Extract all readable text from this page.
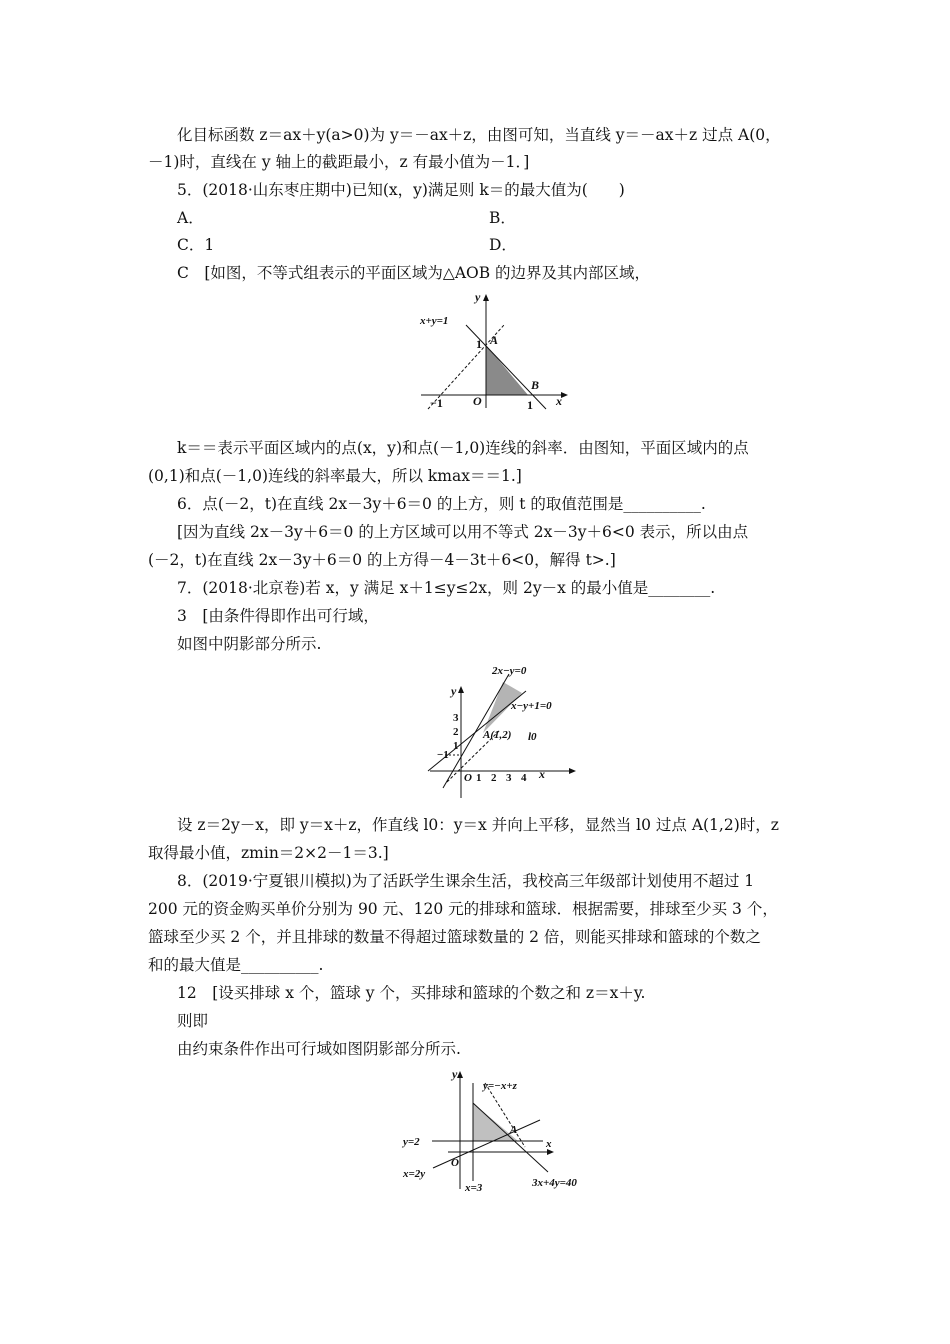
化目标函数 z＝ax＋y(a>0)为 y＝－ax＋z，由图可知，当直线 y＝－ax＋z 过点 A(0，
－1)时，直线在 y 轴上的截距最小，z 有最小值为－1．]
5．(2018·山东枣庄期中)已知(x，y)满足则 k＝的最大值为(　　)
A．	B．
C．1	D．
C　[如图，不等式组表示的平面区域为△AOB 的边界及其内部区域，
y
x+y=1
1 A
B
−1	O	1 x
k＝＝表示平面区域内的点(x，y)和点(－1,0)连线的斜率．由图知，平面区域内的点
(0,1)和点(－1,0)连线的斜率最大，所以 kmax＝＝1.]
6．点(－2，t)在直线 2x－3y＋6＝0 的上方，则 t 的取值范围是__________.
[因为直线 2x－3y＋6＝0 的上方区域可以用不等式 2x－3y＋6<0 表示，所以由点
(－2，t)在直线 2x－3y＋6＝0 的上方得－4－3t＋6<0，解得 t>.]
7．(2018·北京卷)若 x，y 满足 x＋1≤y≤2x，则 2y－x 的最小值是________.
3　[由条件得即作出可行域，
如图中阴影部分所示.
2x−y=0
y
x−y+1=0
3
2
1
A(1,2) l0
−1
O 1 2 3 4 x
设 z＝2y－x，即 y＝x＋z，作直线 l0：y＝x 并向上平移，显然当 l0 过点 A(1,2)时，z
取得最小值，zmin＝2×2－1＝3.]
8．(2019·宁夏银川模拟)为了活跃学生课余生活，我校高三年级部计划使用不超过 1
200 元的资金购买单价分别为 90 元、120 元的排球和篮球．根据需要，排球至少买 3 个，
篮球至少买 2 个，并且排球的数量不得超过篮球数量的 2 倍，则能买排球和篮球的个数之
和的最大值是__________.
12　[设买排球 x 个，篮球 y 个，买排球和篮球的个数之和 z＝x＋y.
则即
由约束条件作出可行域如图阴影部分所示.
y
y=−x+z
A
y=2	x
O
x=2y
x=3	3x+4y=40
